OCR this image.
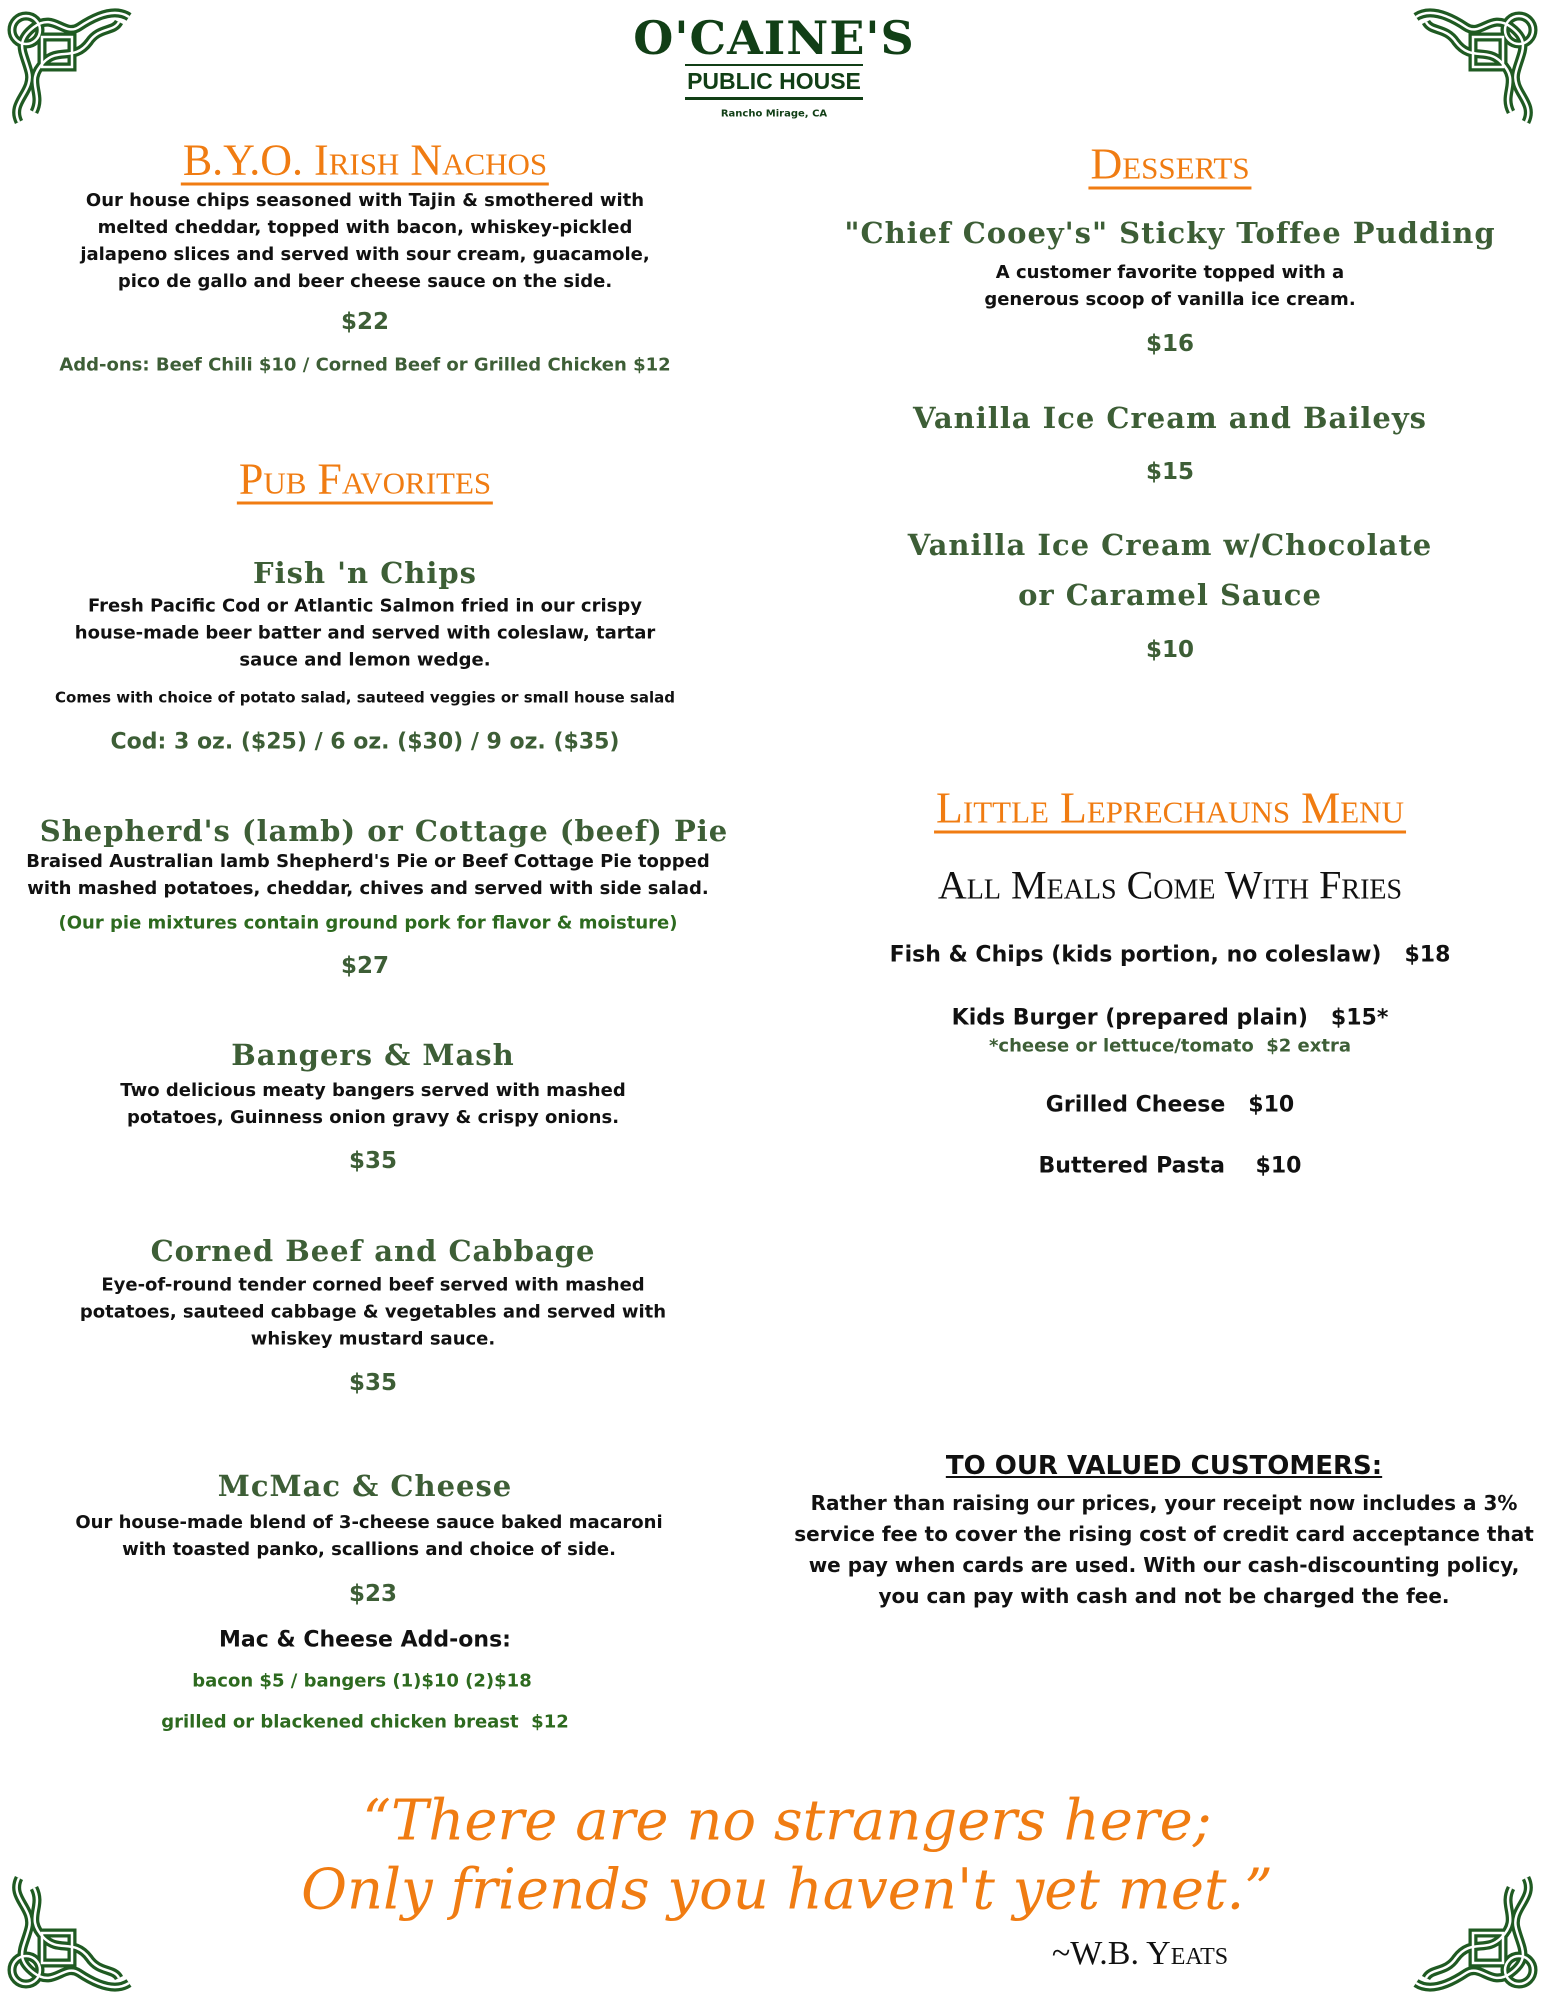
O'CAINE'S
PUBLIC HOUSE
Rancho Mirage, CA
B.Y.O. Irish Nachos
Our house chips seasoned with Tajin & smothered with
melted cheddar, topped with bacon, whiskey-pickled
jalapeno slices and served with sour cream, guacamole,
pico de gallo and beer cheese sauce on the side.
$22
Add-ons: Beef Chili $10 / Corned Beef or Grilled Chicken $12
Pub Favorites
Fish 'n Chips
Fresh Pacific Cod or Atlantic Salmon fried in our crispy
house-made beer batter and served with coleslaw, tartar
sauce and lemon wedge.
Comes with choice of potato salad, sauteed veggies or small house salad
Cod: 3 oz. ($25) / 6 oz. ($30) / 9 oz. ($35)
Shepherd's (lamb) or Cottage (beef) Pie
Braised Australian lamb Shepherd's Pie or Beef Cottage Pie topped
with mashed potatoes, cheddar, chives and served with side salad.
(Our pie mixtures contain ground pork for flavor & moisture)
$27
Bangers & Mash
Two delicious meaty bangers served with mashed
potatoes, Guinness onion gravy & crispy onions.
$35
Corned Beef and Cabbage
Eye-of-round tender corned beef served with mashed
potatoes, sauteed cabbage & vegetables and served with
whiskey mustard sauce.
$35
McMac & Cheese
Our house-made blend of 3-cheese sauce baked macaroni
with toasted panko, scallions and choice of side.
$23
Mac & Cheese Add-ons:
bacon $5 / bangers (1)$10 (2)$18
grilled or blackened chicken breast  $12
Desserts
"Chief Cooey's" Sticky Toffee Pudding
A customer favorite topped with a
generous scoop of vanilla ice cream.
$16
Vanilla Ice Cream and Baileys
$15
Vanilla Ice Cream w/Chocolate
or Caramel Sauce
$10
Little Leprechauns Menu
All Meals Come With Fries
Fish & Chips (kids portion, no coleslaw)   $18
Kids Burger (prepared plain)   $15*
*cheese or lettuce/tomato  $2 extra
Grilled Cheese   $10
Buttered Pasta    $10
TO OUR VALUED CUSTOMERS:
Rather than raising our prices, your receipt now includes a 3%
service fee to cover the rising cost of credit card acceptance that
we pay when cards are used. With our cash-discounting policy,
you can pay with cash and not be charged the fee.
“There are no strangers here;
Only friends you haven't yet met.”
~W.B. Yeats
